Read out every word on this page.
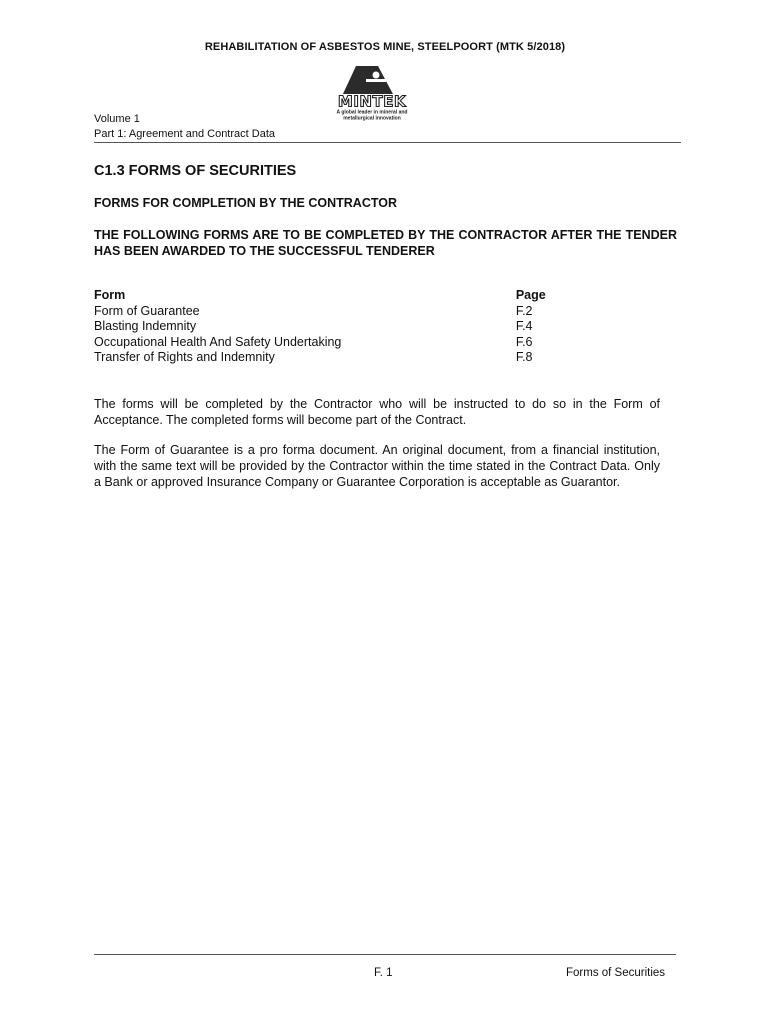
REHABILITATION OF ASBESTOS MINE, STEELPOORT (MTK 5/2018)
MINTEK
A global leader in mineral and
metallurgical innovation
Volume 1
Part 1: Agreement and Contract Data
C1.3 FORMS OF SECURITIES
FORMS FOR COMPLETION BY THE CONTRACTOR
THE FOLLOWING FORMS ARE TO BE COMPLETED BY THE CONTRACTOR AFTER THE TENDER HAS BEEN AWARDED TO THE SUCCESSFUL TENDERER
Form	Page
Form of Guarantee	F.2
Blasting Indemnity	F.4
Occupational Health And Safety Undertaking	F.6
Transfer of Rights and Indemnity	F.8
The forms will be completed by the Contractor who will be instructed to do so in the Form of Acceptance. The completed forms will become part of the Contract.
The Form of Guarantee is a pro forma document. An original document, from a financial institution, with the same text will be provided by the Contractor within the time stated in the Contract Data. Only a Bank or approved Insurance Company or Guarantee Corporation is acceptable as Guarantor.
F. 1	Forms of Securities
